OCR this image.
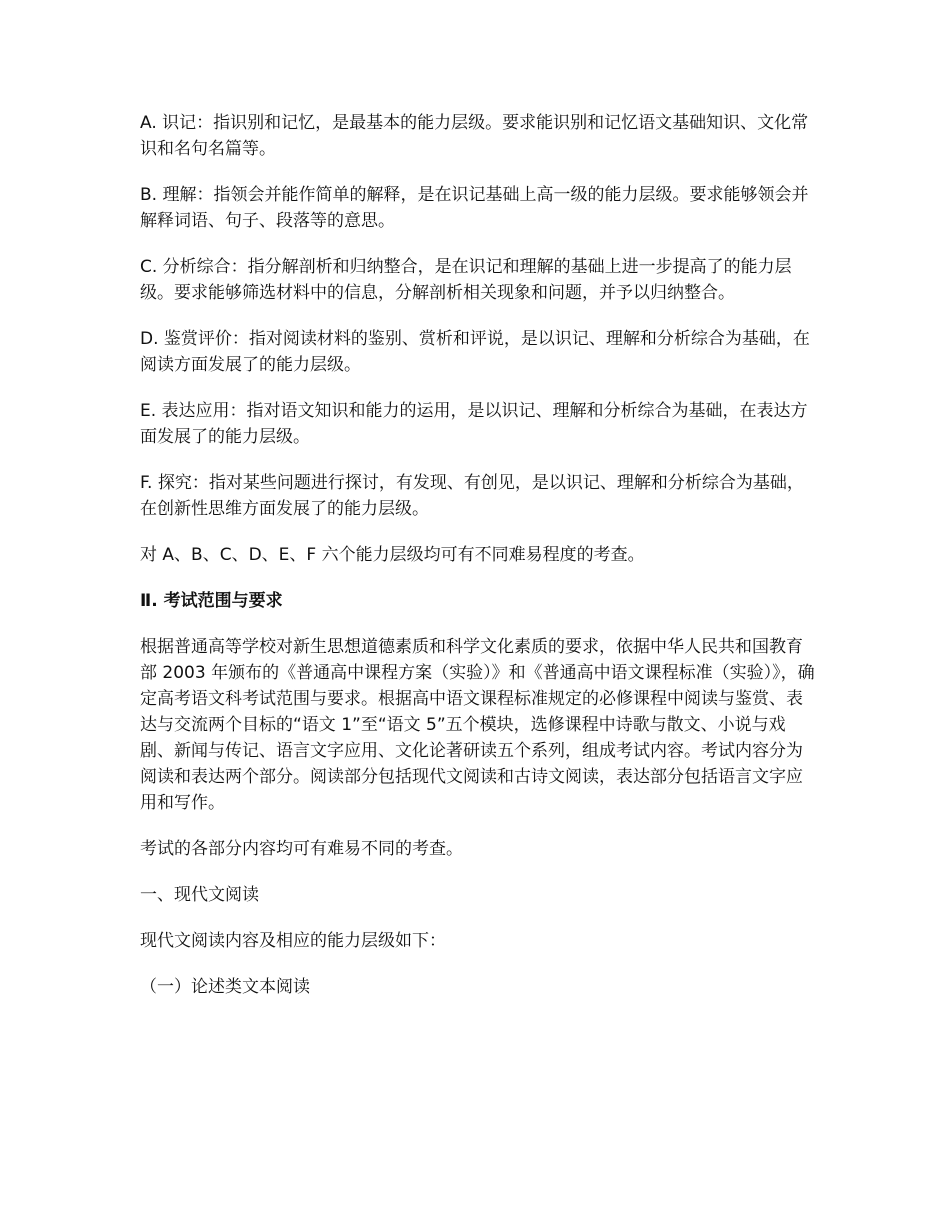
A. 识记：指识别和记忆，是最基本的能力层级。要求能识别和记忆语文基础知识、文化常识和名句名篇等。

B. 理解：指领会并能作简单的解释，是在识记基础上高一级的能力层级。要求能够领会并解释词语、句子、段落等的意思。

C. 分析综合：指分解剖析和归纳整合，是在识记和理解的基础上进一步提高了的能力层级。要求能够筛选材料中的信息，分解剖析相关现象和问题，并予以归纳整合。

D. 鉴赏评价：指对阅读材料的鉴别、赏析和评说，是以识记、理解和分析综合为基础，在阅读方面发展了的能力层级。

E. 表达应用：指对语文知识和能力的运用，是以识记、理解和分析综合为基础，在表达方面发展了的能力层级。

F. 探究：指对某些问题进行探讨，有发现、有创见，是以识记、理解和分析综合为基础，在创新性思维方面发展了的能力层级。

对 A、B、C、D、E、F 六个能力层级均可有不同难易程度的考查。

Ⅱ. 考试范围与要求

根据普通高等学校对新生思想道德素质和科学文化素质的要求，依据中华人民共和国教育部 2003 年颁布的《普通高中课程方案（实验）》和《普通高中语文课程标准（实验）》，确定高考语文科考试范围与要求。根据高中语文课程标准规定的必修课程中阅读与鉴赏、表达与交流两个目标的“语文 1”至“语文 5”五个模块，选修课程中诗歌与散文、小说与戏剧、新闻与传记、语言文字应用、文化论著研读五个系列，组成考试内容。考试内容分为阅读和表达两个部分。阅读部分包括现代文阅读和古诗文阅读，表达部分包括语言文字应用和写作。

考试的各部分内容均可有难易不同的考查。

一、现代文阅读

现代文阅读内容及相应的能力层级如下：

（一）论述类文本阅读
